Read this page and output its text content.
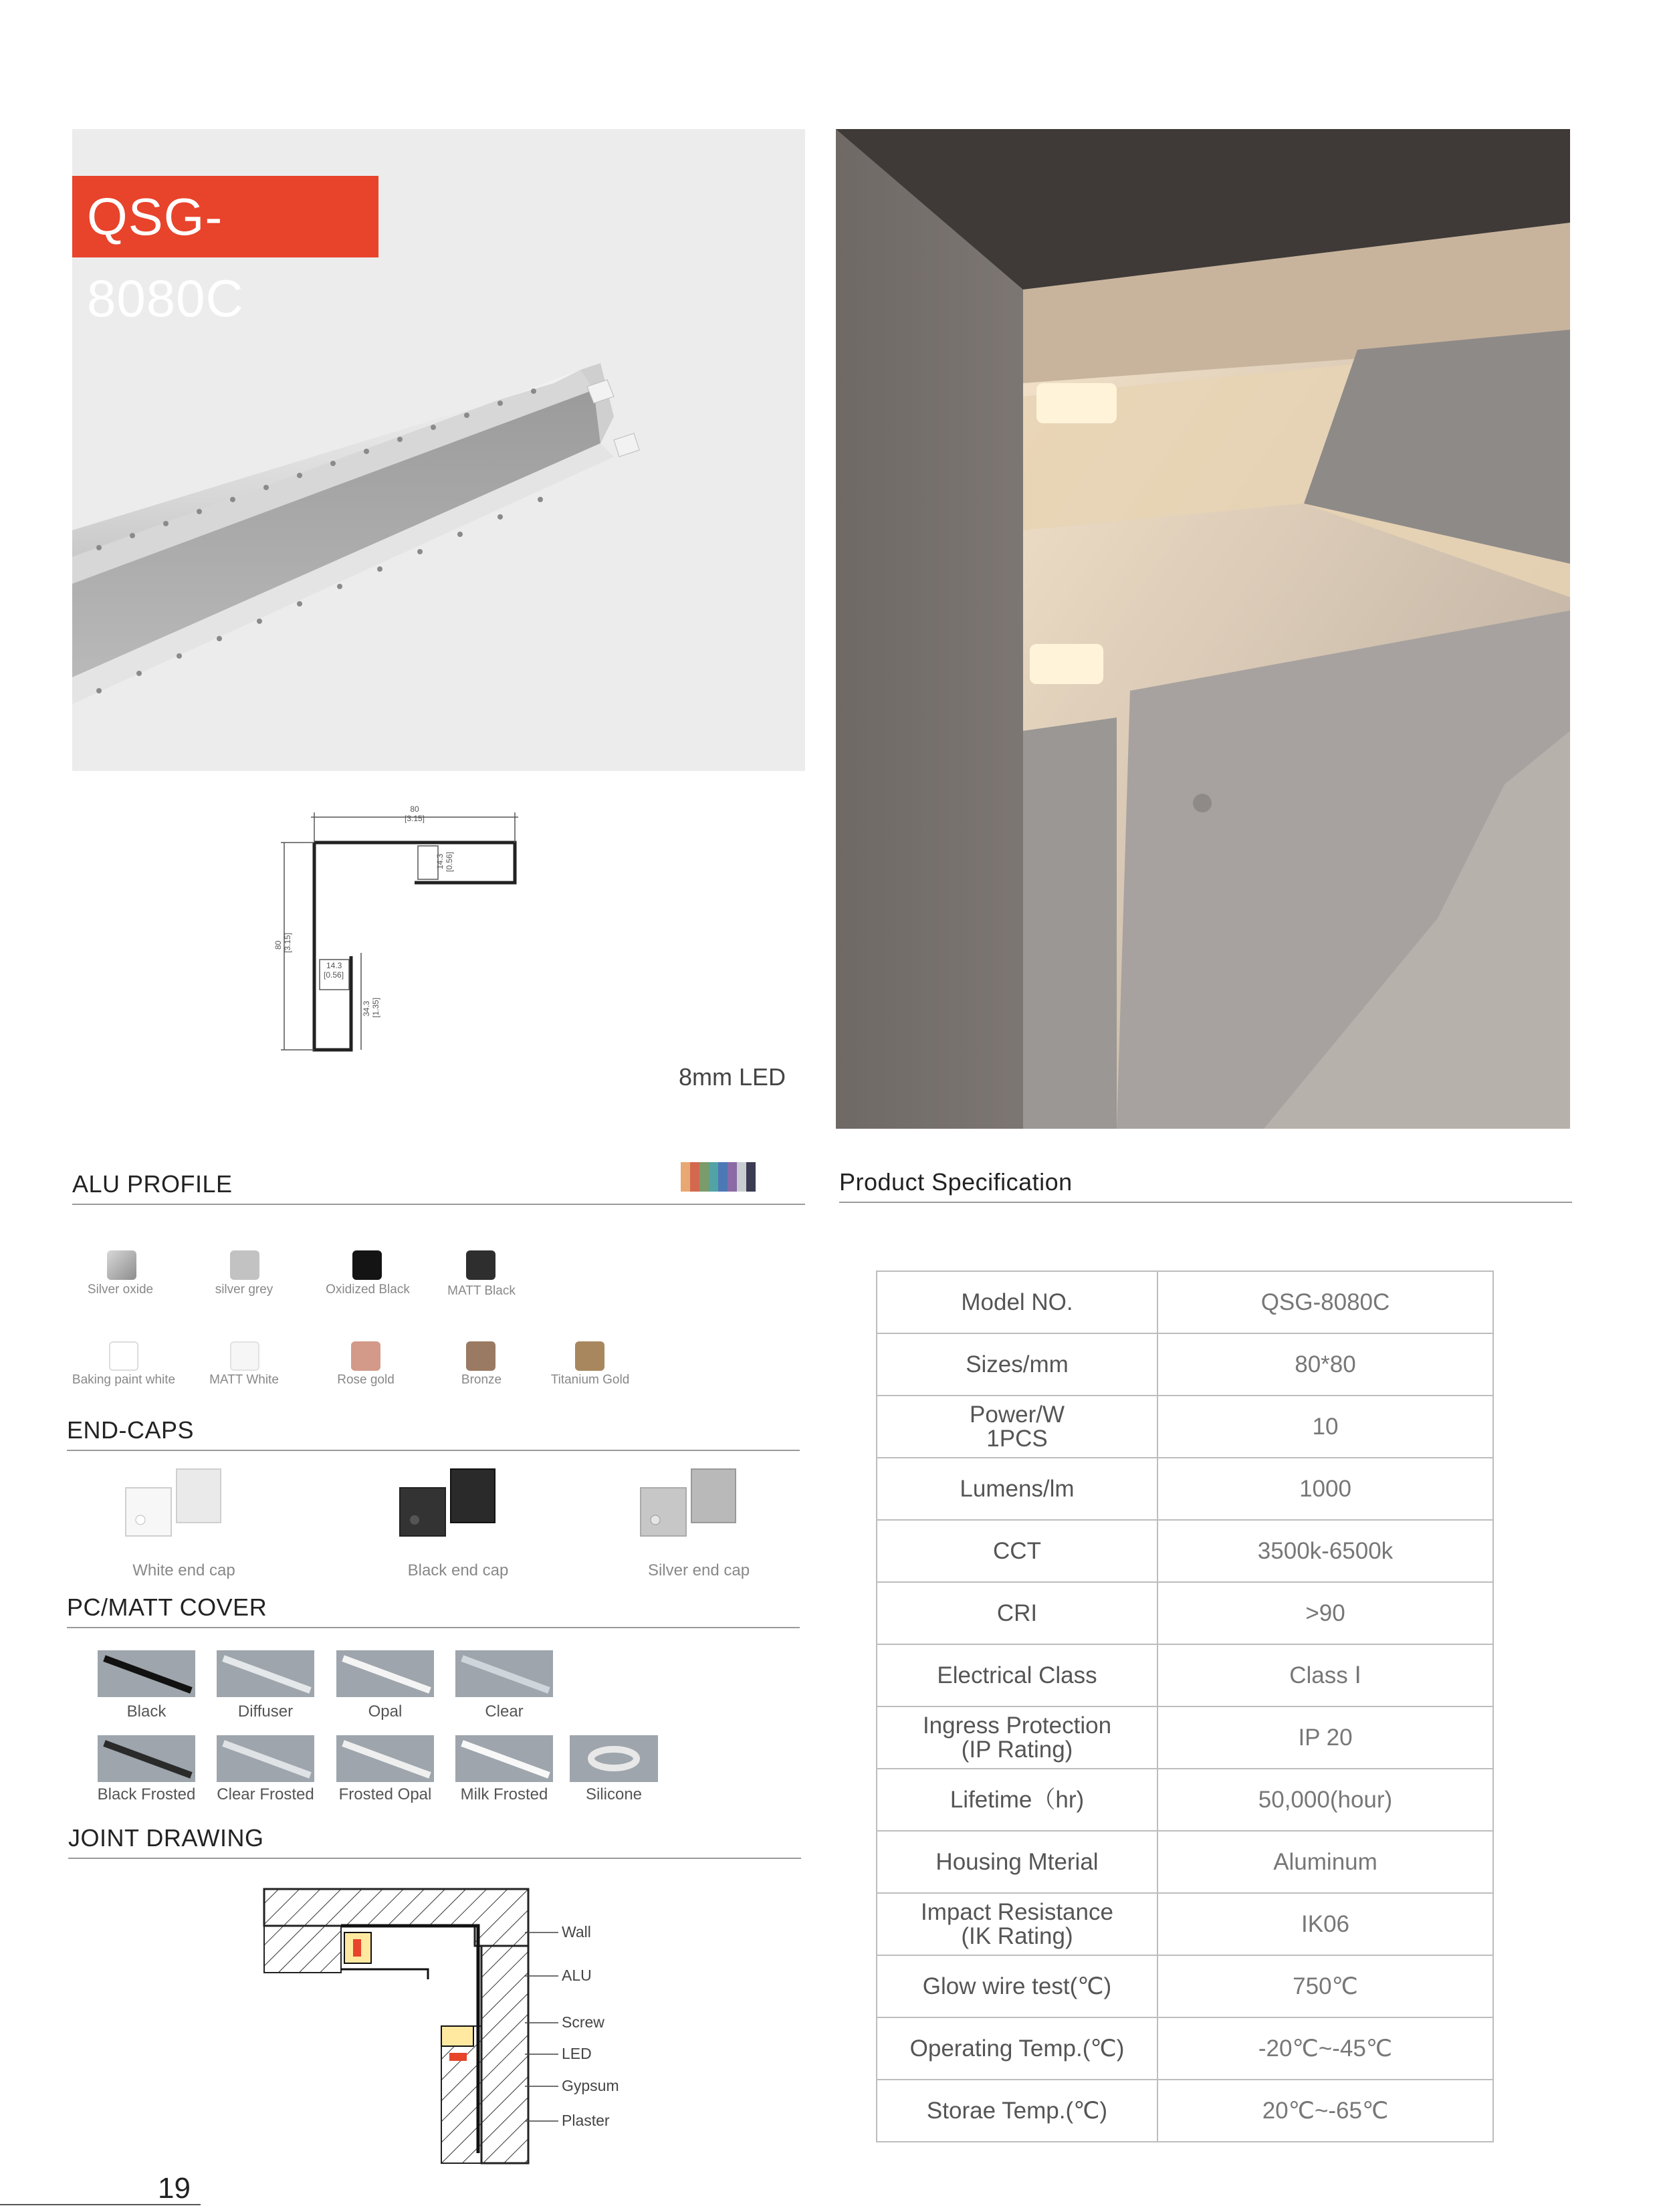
QSG-8080C
80
[3.15]
80 [3.15]
14.3 [0.56]
14.3
[0.56]
34.3 [1.35]
8mm LED
ALU PROFILE
Silver oxide	silver grey	Oxidized Black	MATT Black
Baking paint white	MATT White	Rose gold	Bronze	Titanium Gold
END-CAPS
White end cap	Black end cap	Silver end cap
PC/MATT COVER
Black	Diffuser	Opal	Clear
Black Frosted	Clear Frosted	Frosted Opal	Milk Frosted	Silicone
JOINT DRAWING
Wall
ALU
Screw
LED
Gypsum
Plaster
Product Specification
Model NO.	QSG-8080C
Sizes/mm	80*80
Power/W
1PCS	10
Lumens/lm	1000
CCT	3500k-6500k
CRI	>90
Electrical Class	Class Ⅰ
Ingress Protection
(IP Rating)	IP 20
Lifetime（hr)	50,000(hour)
Housing Mterial	Aluminum
Impact Resistance
(IK Rating)	IK06
Glow wire test(℃)	750℃
Operating Temp.(℃)	-20℃~-45℃
Storae Temp.(℃)	20℃~-65℃
19
